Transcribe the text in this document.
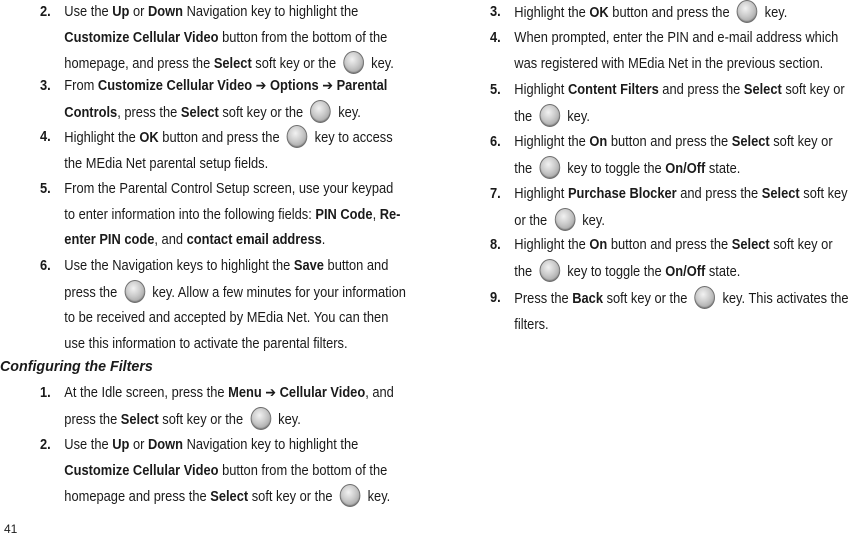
2. Use the Up or Down Navigation key to highlight the Customize Cellular Video button from the bottom of the homepage, and press the Select soft key or the  key.
3. From Customize Cellular Video ➔ Options ➔ Parental Controls, press the Select soft key or the  key.
4. Highlight the OK button and press the  key to access the MEdia Net parental setup fields.
5. From the Parental Control Setup screen, use your keypad to enter information into the following fields: PIN Code, Re-enter PIN code, and contact email address.
6. Use the Navigation keys to highlight the Save button and press the  key. Allow a few minutes for your information to be received and accepted by MEdia Net. You can then use this information to activate the parental filters.
Configuring the Filters
1. At the Idle screen, press the Menu ➔ Cellular Video, and press the Select soft key or the  key.
2. Use the Up or Down Navigation key to highlight the Customize Cellular Video button from the bottom of the homepage and press the Select soft key or the  key.
3. Highlight the OK button and press the  key.
4. When prompted, enter the PIN and e-mail address which was registered with MEdia Net in the previous section.
5. Highlight Content Filters and press the Select soft key or the  key.
6. Highlight the On button and press the Select soft key or the  key to toggle the On/Off state.
7. Highlight Purchase Blocker and press the Select soft key or the  key.
8. Highlight the On button and press the Select soft key or the  key to toggle the On/Off state.
9. Press the Back soft key or the  key. This activates the filters.
41
